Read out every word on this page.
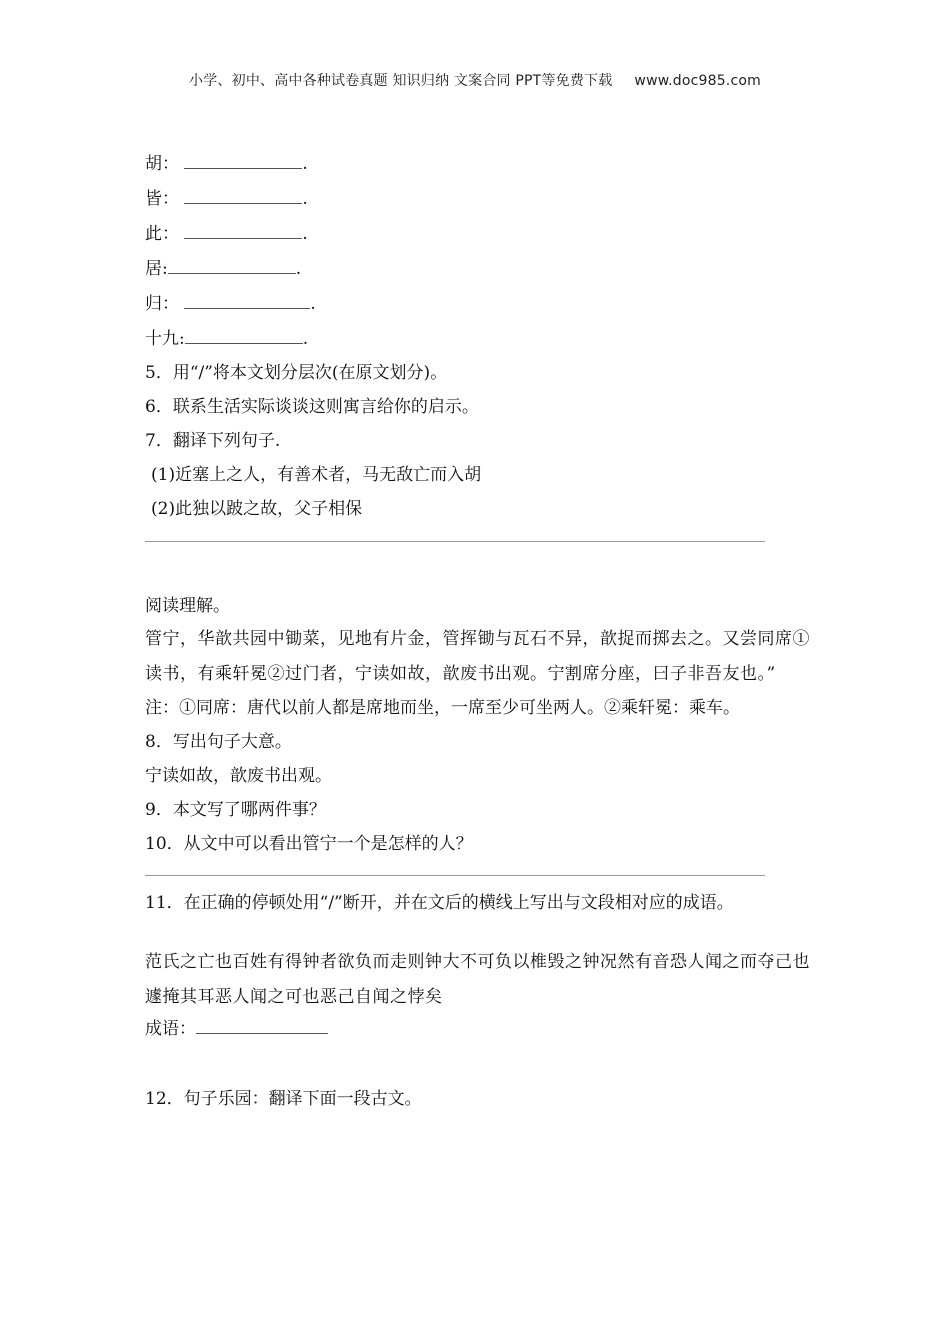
小学、初中、高中各种试卷真题 知识归纳 文案合同 PPT等免费下载 www.doc985.com
胡：	.
皆：	.
此：	.
居:	.
归：	.
十九:	.
5．用“/”将本文划分层次(在原文划分)。
6．联系生活实际谈谈这则寓言给你的启示。
7．翻译下列句子.
(1)近塞上之人，有善术者，马无敌亡而入胡
(2)此独以跛之故，父子相保
阅读理解。
管宁，华歆共园中锄菜，见地有片金，管挥锄与瓦石不异，歆捉而掷去之。又尝同席①读书，有乘轩冕②过门者，宁读如故，歆废书出观。宁割席分座，曰子非吾友也。”
注：①同席：唐代以前人都是席地而坐，一席至少可坐两人。②乘轩冕：乘车。
8．写出句子大意。
宁读如故，歆废书出观。
9．本文写了哪两件事？
10．从文中可以看出管宁一个是怎样的人？
11．在正确的停顿处用“/”断开，并在文后的横线上写出与文段相对应的成语。
范氏之亡也百姓有得钟者欲负而走则钟大不可负以椎毁之钟况然有音恐人闻之而夺己也遽掩其耳恶人闻之可也恶己自闻之悖矣
成语：
12．句子乐园：翻译下面一段古文。
